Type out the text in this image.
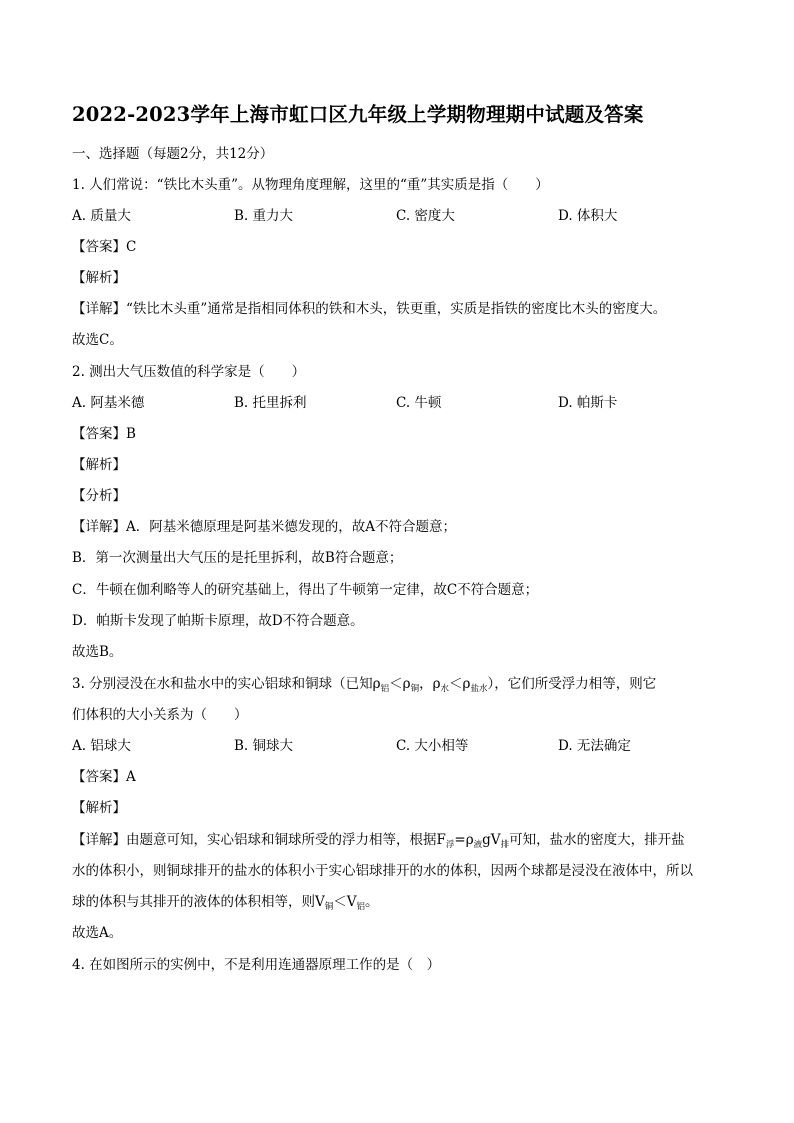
2022-2023学年上海市虹口区九年级上学期物理期中试题及答案
一、选择题（每题2分，共12分）
1. 人们常说：“铁比木头重”。从物理角度理解，这里的“重”其实质是指（　　）
A. 质量大	B. 重力大	C. 密度大	D. 体积大
【答案】C
【解析】
【详解】“铁比木头重”通常是指相同体积的铁和木头，铁更重，实质是指铁的密度比木头的密度大。
故选C。
2. 测出大气压数值的科学家是（　　）
A. 阿基米德	B. 托里拆利	C. 牛顿	D. 帕斯卡
【答案】B
【解析】
【分析】
【详解】A．阿基米德原理是阿基米德发现的，故A不符合题意；
B．第一次测量出大气压的是托里拆利，故B符合题意；
C．牛顿在伽利略等人的研究基础上，得出了牛顿第一定律，故C不符合题意；
D．帕斯卡发现了帕斯卡原理，故D不符合题意。
故选B。
3. 分别浸没在水和盐水中的实心铝球和铜球（已知$\rho_铝<\rho_铜$，$\rho_水<\rho_{盐水}$），它们所受浮力相等，则它
们体积的大小关系为（　　）
A. 铝球大	B. 铜球大	C. 大小相等	D. 无法确定
【答案】A
【解析】
【详解】由题意可知，实心铝球和铜球所受的浮力相等，根据$F_浮=\rho_液gV_排$可知，盐水的密度大，排开盐
水的体积小，则铜球排开的盐水的体积小于实心铝球排开的水的体积，因两个球都是浸没在液体中，所以
球的体积与其排开的液体的体积相等，则$V_铜<V_铝$。
故选A。
4. 在如图所示的实例中，不是利用连通器原理工作的是（　）
